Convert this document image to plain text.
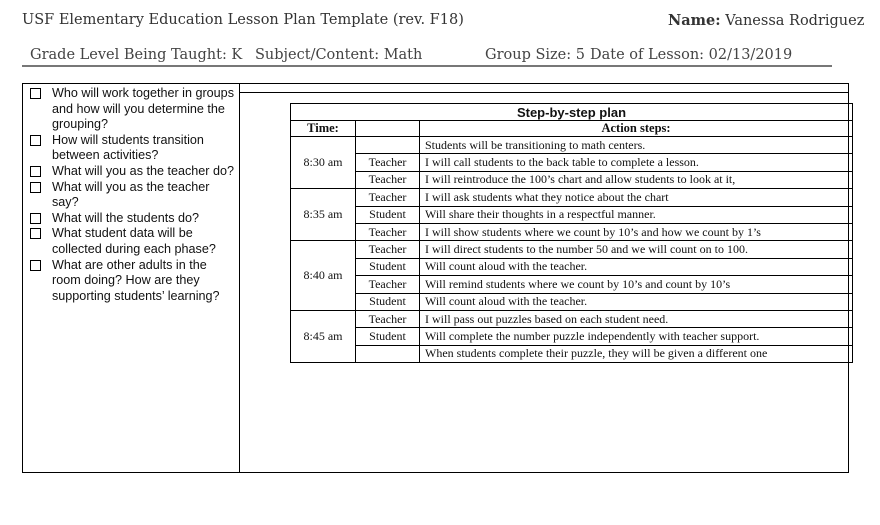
USF Elementary Education Lesson Plan Template (rev. F18)	Name: Vanessa Rodriguez
Grade Level Being Taught: K Subject/Content: Math	Group Size: 5 Date of Lesson: 02/13/2019
Who will work together in groups and how will you determine the grouping?
How will students transition between activities?
What will you as the teacher do?
What will you as the teacher say?
What will the students do?
What student data will be collected during each phase?
What are other adults in the room doing? How are they supporting students’ learning?
Step-by-step plan		
Time:		Action steps:
8:30 am		Students will be transitioning to math centers.
	Teacher	I will call students to the back table to complete a lesson.
	Teacher	I will reintroduce the 100’s chart and allow students to look at it,
8:35 am	Teacher	I will ask students what they notice about the chart
	Student	Will share their thoughts in a respectful manner.
	Teacher	I will show students where we count by 10’s and how we count by 1’s
8:40 am	Teacher	I will direct students to the number 50 and we will count on to 100.
	Student	Will count aloud with the teacher.
	Teacher	Will remind students where we count by 10’s and count by 10’s
	Student	Will count aloud with the teacher.
8:45 am	Teacher	I will pass out puzzles based on each student need.
	Student	Will complete the number puzzle independently with teacher support.
		When students complete their puzzle, they will be given a different one
